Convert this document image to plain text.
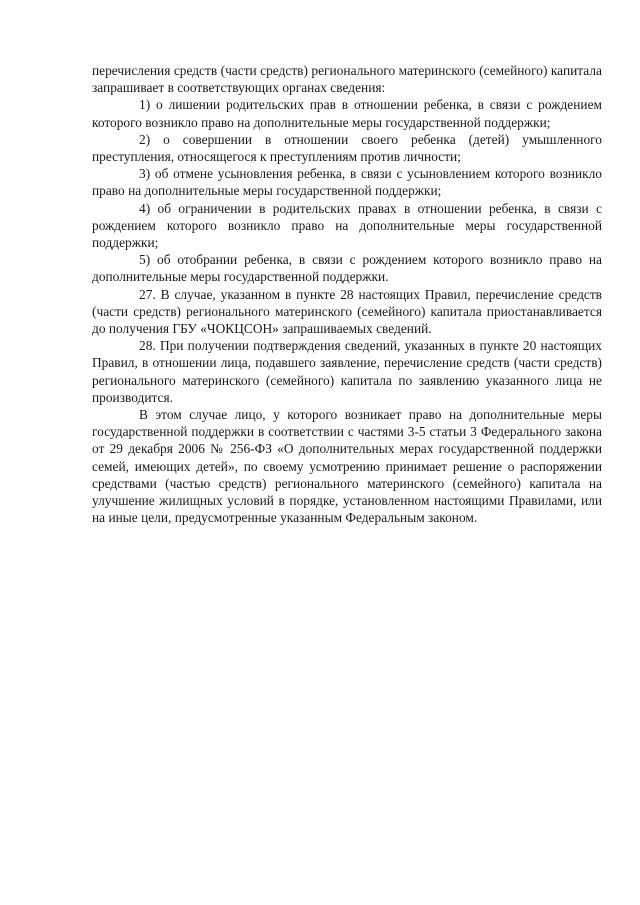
перечисления средств (части средств) регионального материнского (семейного) капитала запрашивает в соответствующих органах сведения:

1) о лишении родительских прав в отношении ребенка, в связи с рождением которого возникло право на дополнительные меры государственной поддержки;

2) о совершении в отношении своего ребенка (детей) умышленного преступления, относящегося к преступлениям против личности;

3) об отмене усыновления ребенка, в связи с усыновлением которого возникло право на дополнительные меры государственной поддержки;

4) об ограничении в родительских правах в отношении ребенка, в связи с рождением которого возникло право на дополнительные меры государственной поддержки;

5) об отобрании ребенка, в связи с рождением которого возникло право на дополнительные меры государственной поддержки.

27. В случае, указанном в пункте 28 настоящих Правил, перечисление средств (части средств) регионального материнского (семейного) капитала приостанавливается до получения ГБУ «ЧОКЦСОН» запрашиваемых сведений.

28. При получении подтверждения сведений, указанных в пункте 20 настоящих Правил, в отношении лица, подавшего заявление, перечисление средств (части средств) регионального материнского (семейного) капитала по заявлению указанного лица не производится.

В этом случае лицо, у которого возникает право на дополнительные меры государственной поддержки в соответствии с частями 3-5 статьи 3 Федерального закона от 29 декабря 2006 № 256-ФЗ «О дополнительных мерах государственной поддержки семей, имеющих детей», по своему усмотрению принимает решение о распоряжении средствами (частью средств) регионального материнского (семейного) капитала на улучшение жилищных условий в порядке, установленном настоящими Правилами, или на иные цели, предусмотренные указанным Федеральным законом.
